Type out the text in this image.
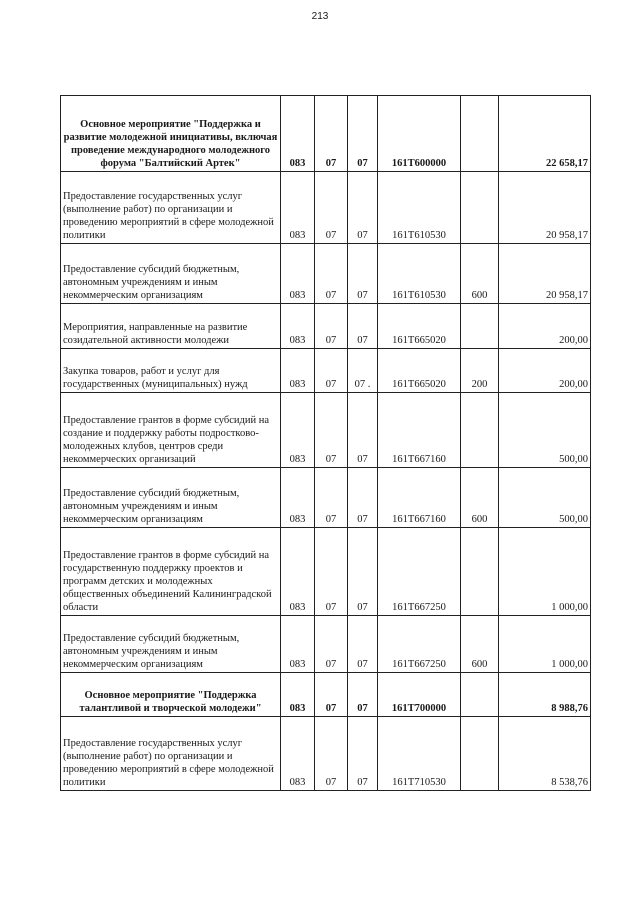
213
Основное мероприятие "Поддержка и развитие молодежной инициативы, включая проведение международного молодежного форума "Балтийский Артек"	083	07	07	161Т600000		22 658,17
Предоставление государственных услуг (выполнение работ) по организации и проведению мероприятий в сфере молодежной политики	083	07	07	161Т610530		20 958,17
Предоставление субсидий бюджетным, автономным учреждениям и иным некоммерческим организациям	083	07	07	161Т610530	600	20 958,17
Мероприятия, направленные на развитие созидательной активности молодежи	083	07	07	161Т665020		200,00
Закупка товаров, работ и услуг для государственных (муниципальных) нужд	083	07	07 .	161Т665020	200	200,00
Предоставление грантов в форме субсидий на создание и поддержку работы подростково-молодежных клубов, центров среди некоммерческих организаций	083	07	07	161Т667160		500,00
Предоставление субсидий бюджетным, автономным учреждениям и иным некоммерческим организациям	083	07	07	161Т667160	600	500,00
Предоставление грантов в форме субсидий на государственную поддержку проектов и программ детских и молодежных общественных объединений Калининградской области	083	07	07	161Т667250		1 000,00
Предоставление субсидий бюджетным, автономным учреждениям и иным некоммерческим организациям	083	07	07	161Т667250	600	1 000,00
Основное мероприятие "Поддержка талантливой и творческой молодежи"	083	07	07	161Т700000		8 988,76
Предоставление государственных услуг (выполнение работ) по организации и проведению мероприятий в сфере молодежной политики	083	07	07	161Т710530		8 538,76
